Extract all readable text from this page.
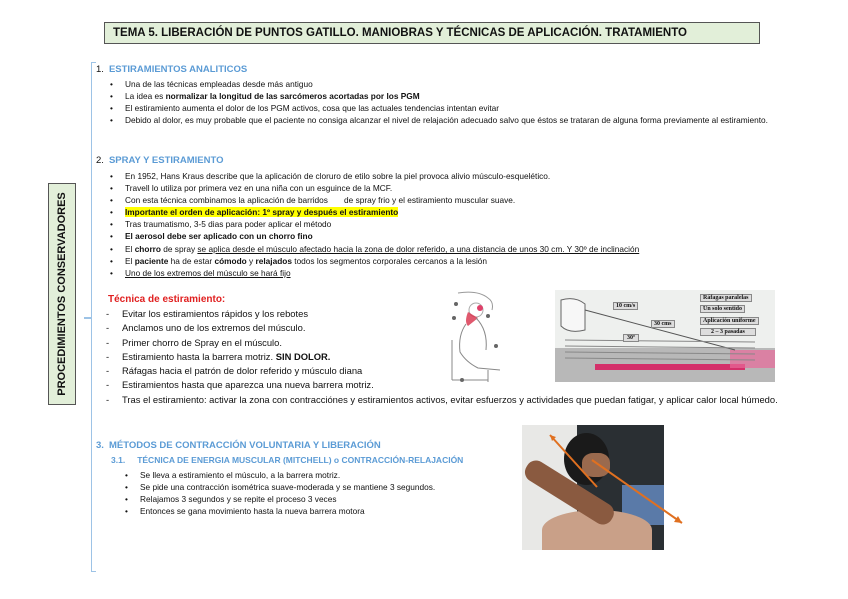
TEMA 5. LIBERACIÓN DE PUNTOS GATILLO. MANIOBRAS Y TÉCNICAS DE APLICACIÓN. TRATAMIENTO
PROCEDIMIENTOS CONSERVADORES
1. ESTIRAMIENTOS ANALITICOS
• Una de las técnicas empleadas desde más antiguo
• La idea es normalizar la longitud de las sarcómeros acortadas por los PGM
• El estiramiento aumenta el dolor de los PGM activos, cosa que las actuales tendencias intentan evitar
• Debido al dolor, es muy probable que el paciente no consiga alcanzar el nivel de relajación adecuado salvo que éstos se trataran de alguna forma previamente al estiramiento.
2. SPRAY Y ESTIRAMIENTO
• En 1952, Hans Kraus describe que la aplicación de cloruro de etilo sobre la piel provoca alivio músculo-esquelético.
• Travell lo utiliza por primera vez en una niña con un esguince de la MCF.
• Con esta técnica combinamos la aplicación de barridos       de spray frio y el estiramiento muscular suave.
• Importante el orden de aplicación: 1º spray y después el estiramiento
• Tras traumatismo, 3-5 dias para poder aplicar el método
• El aerosol debe ser aplicado con un chorro fino
• El chorro de spray se aplica desde el músculo afectado hacia la zona de dolor referido, a una distancia de unos 30 cm. Y 30º de inclinación
• El paciente ha de estar cómodo y relajados todos los segmentos corporales cercanos a la lesión
• Uno de los extremos del músculo se hará fijo
Técnica de estiramiento:
- Evitar los estiramientos rápidos y los rebotes
- Anclamos uno de los extremos del músculo.
- Primer chorro de Spray en el músculo.
- Estiramiento hasta la barrera motriz. SIN DOLOR.
- Ráfagas hacia el patrón de dolor referido y músculo diana
- Estiramientos hasta que aparezca una nueva barrera motriz.
- Tras el estiramiento: activar la zona con contracciónes y estiramientos activos, evitar esfuerzos y actividades que puedan fatigar, y aplicar calor local húmedo.
10 cm/s
30 cms
30º
Ráfagas paralelas
Un solo sentido
Aplicación uniforme
2 – 3 pasadas
3. MÉTODOS DE CONTRACCIÓN VOLUNTARIA Y LIBERACIÓN
3.1. TÉCNICA DE ENERGIA MUSCULAR (MITCHELL) o CONTRACCIÓN-RELAJACIÓN
• Se lleva a estiramiento el músculo, a la barrera motriz.
• Se pide una contracción isométrica suave-moderada y se mantiene 3 segundos.
• Relajamos 3 segundos y se repite el proceso 3 veces
• Entonces se gana movimiento hasta la nueva barrera motora
